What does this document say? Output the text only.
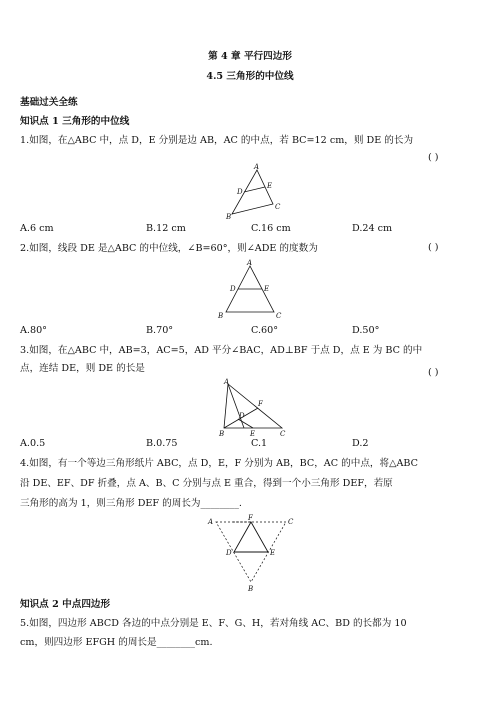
第 4 章 平行四边形
4.5 三角形的中位线
基础过关全练
知识点 1 三角形的中位线
1.如图，在△ABC 中，点 D，E 分别是边 AB，AC 的中点，若 BC=12 cm，则 DE 的长为
( )
A
D
E
B
C
A.6 cm	B.12 cm	C.16 cm	D.24 cm
2.如图，线段 DE 是△ABC 的中位线，∠B=60°，则∠ADE 的度数为	( )
A
D	E
B	C
A.80°	B.70°	C.60°	D.50°
3.如图，在△ABC 中，AB=3，AC=5，AD 平分∠BAC，AD⊥BF 于点 D，点 E 为 BC 的中
点，连结 DE，则 DE 的长是	( )
A
F
D
B	E	C
A.0.5	B.0.75	C.1	D.2
4.如图，有一个等边三角形纸片 ABC，点 D，E，F 分别为 AB，BC，AC 的中点，将△ABC
沿 DE、EF、DF 折叠，点 A、B、C 分别与点 E 重合，得到一个小三角形 DEF，若原
三角形的高为 1，则三角形 DEF 的周长为________.
A	F	C
D	E
B
知识点 2 中点四边形
5.如图，四边形 ABCD 各边的中点分别是 E、F、G、H，若对角线 AC、BD 的长都为 10
cm，则四边形 EFGH 的周长是________cm.
